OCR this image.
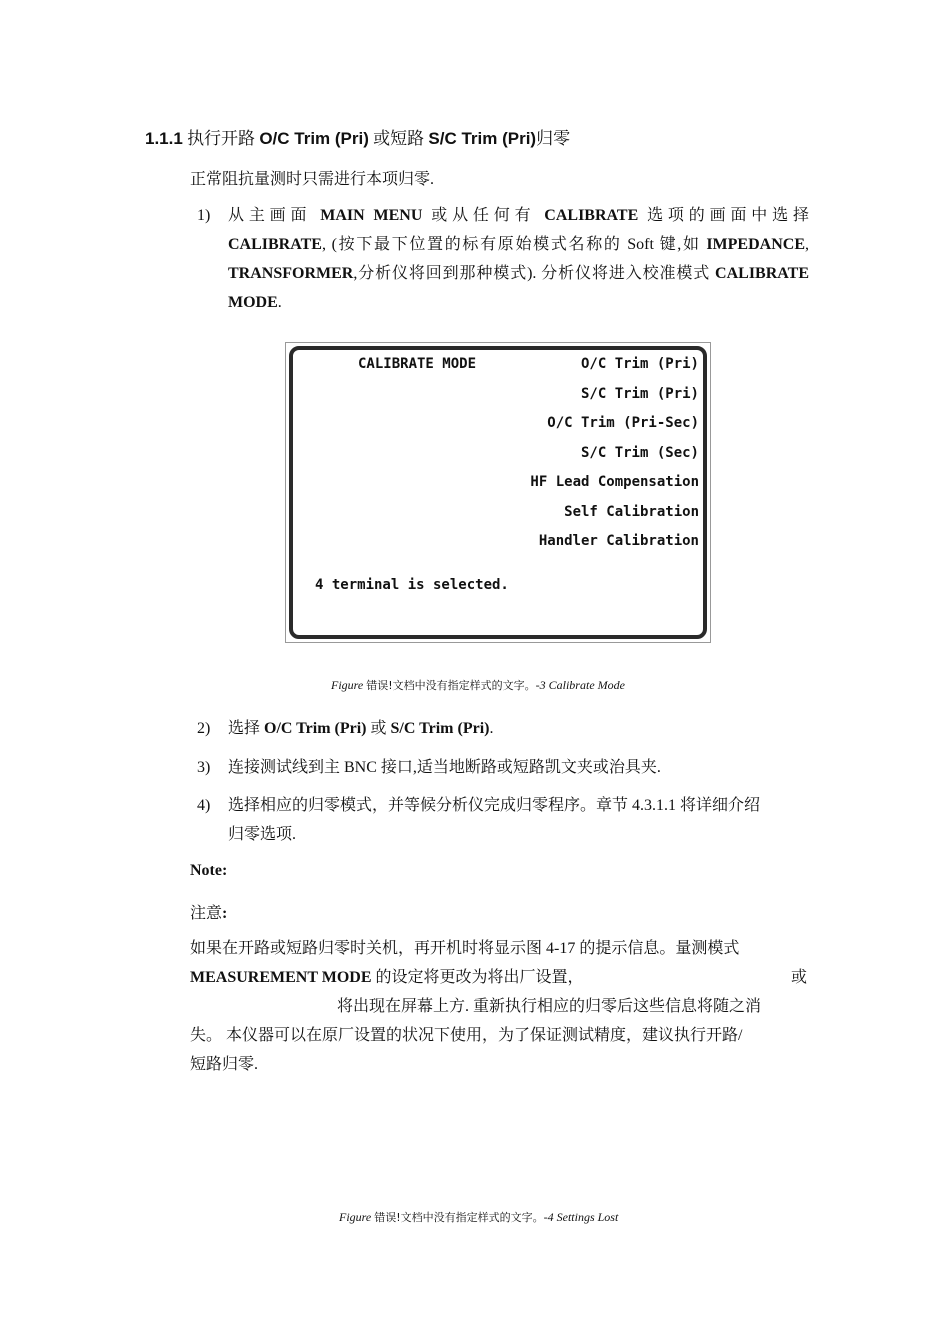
1.1.1 执行开路 O/C Trim (Pri) 或短路 S/C Trim (Pri)归零
正常阻抗量测时只需进行本项归零.
1)	从主画面 MAIN MENU 或从任何有 CALIBRATE 选项的画面中选择 CALIBRATE, (按下最下位置的标有原始模式名称的 Soft 键,如 IMPEDANCE, TRANSFORMER,分析仪将回到那种模式). 分析仪将进入校准模式 CALIBRATE MODE.
CALIBRATE MODE	O/C Trim (Pri)
S/C Trim (Pri)
O/C Trim (Pri-Sec)
S/C Trim (Sec)
HF Lead Compensation
Self Calibration
Handler Calibration
4 terminal is selected.
Figure 错误!文档中没有指定样式的文字。-3 Calibrate Mode
2)	选择 O/C Trim (Pri) 或 S/C Trim (Pri).
3)	连接测试线到主 BNC 接口,适当地断路或短路凯文夹或治具夹.
4)	选择相应的归零模式，并等候分析仪完成归零程序。章节 4.3.1.1 将详细介绍
归零选项.
Note:
注意:
如果在开路或短路归零时关机，再开机时将显示图 4-17 的提示信息。量测模式
MEASUREMENT MODE 的设定将更改为将出厂设置，	或
将出现在屏幕上方. 重新执行相应的归零后这些信息将随之消
失。 本仪器可以在原厂设置的状况下使用，为了保证测试精度，建议执行开路/
短路归零.
Figure 错误!文档中没有指定样式的文字。-4 Settings Lost
